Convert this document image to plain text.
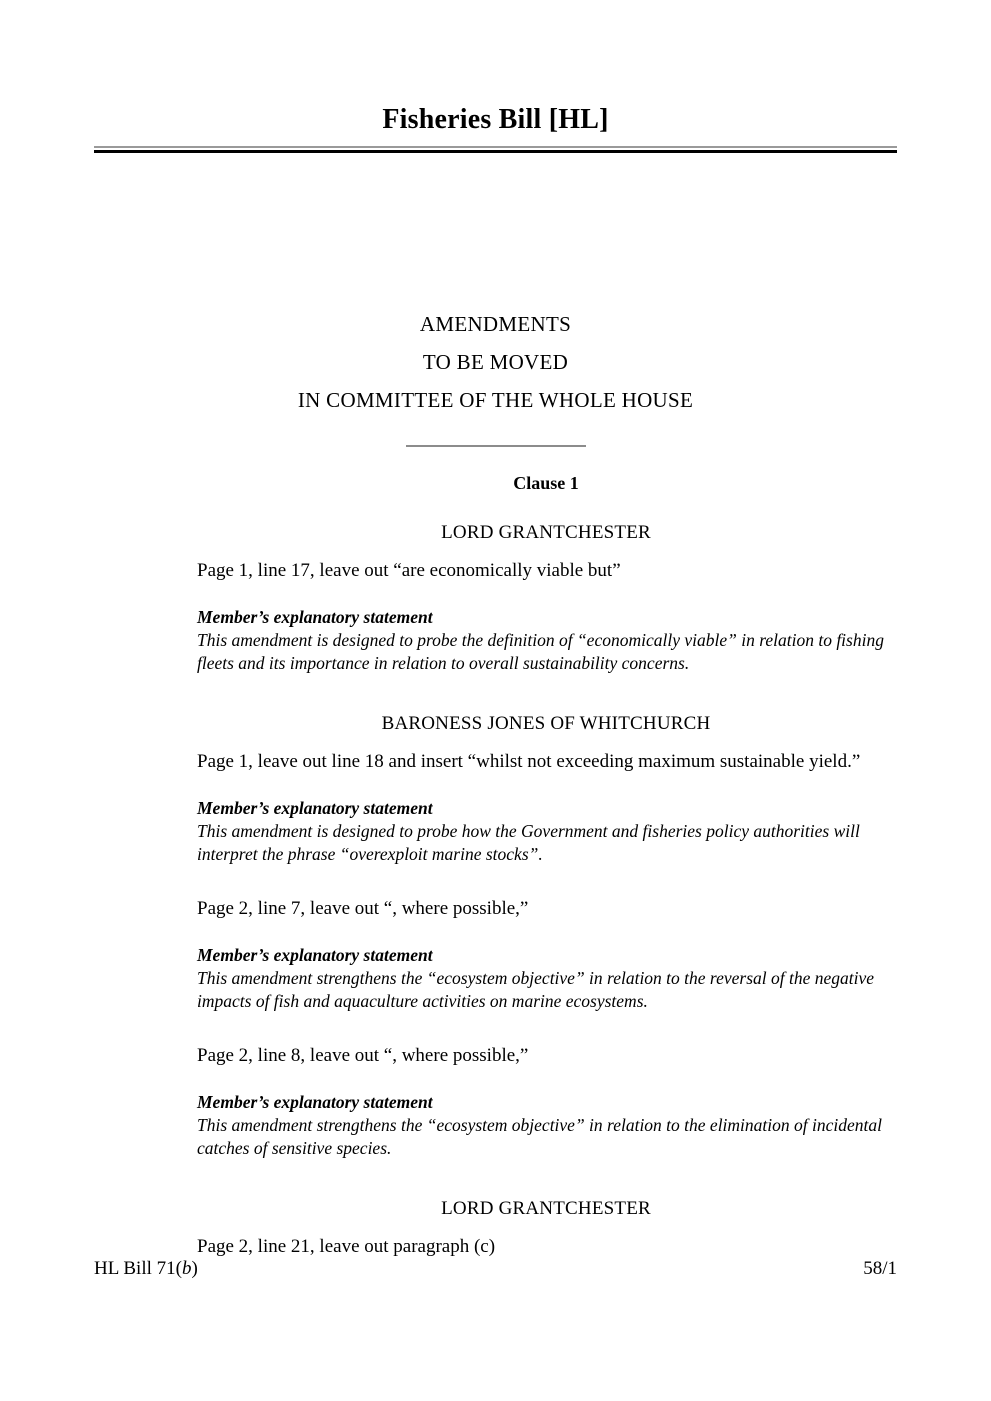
Fisheries Bill [HL]
AMENDMENTS
TO BE MOVED
IN COMMITTEE OF THE WHOLE HOUSE
Clause 1
LORD GRANTCHESTER

Page 1, line 17, leave out “are economically viable but”

Member’s explanatory statement
This amendment is designed to probe the definition of “economically viable” in relation to fishing fleets and its importance in relation to overall sustainability concerns.
BARONESS JONES OF WHITCHURCH

Page 1, leave out line 18 and insert “whilst not exceeding maximum sustainable yield.”

Member’s explanatory statement
This amendment is designed to probe how the Government and fisheries policy authorities will interpret the phrase “overexploit marine stocks”.

Page 2, line 7, leave out “, where possible,”

Member’s explanatory statement
This amendment strengthens the “ecosystem objective” in relation to the reversal of the negative impacts of fish and aquaculture activities on marine ecosystems.

Page 2, line 8, leave out “, where possible,”

Member’s explanatory statement
This amendment strengthens the “ecosystem objective” in relation to the elimination of incidental catches of sensitive species.
LORD GRANTCHESTER

Page 2, line 21, leave out paragraph (c)

HL Bill 71(b)	58/1
